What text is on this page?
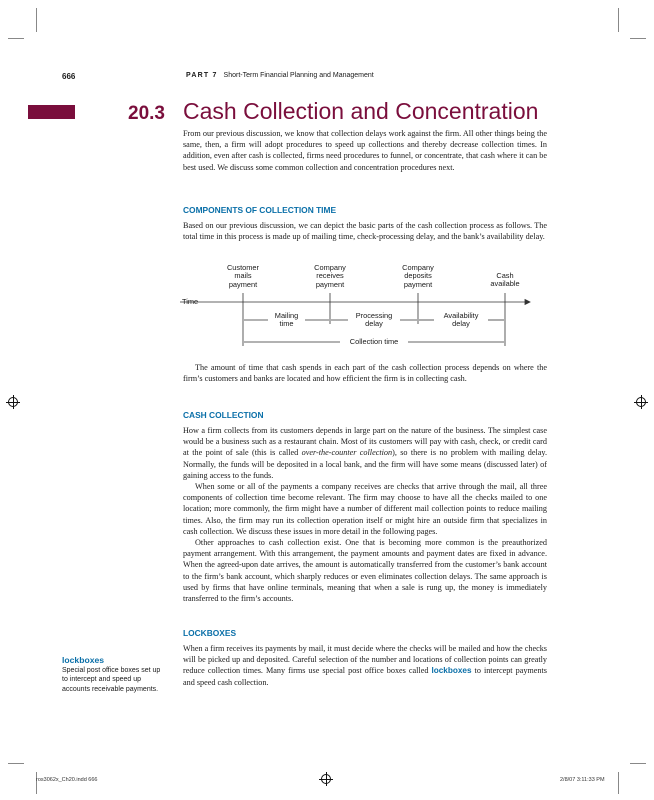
666	PART 7 Short-Term Financial Planning and Management
20.3 Cash Collection and Concentration

From our previous discussion, we know that collection delays work against the firm. All other things being the same, then, a firm will adopt procedures to speed up collections and thereby decrease collection times. In addition, even after cash is collected, firms need procedures to funnel, or concentrate, that cash where it can be best used. We discuss some common collection and concentration procedures next.

COMPONENTS OF COLLECTION TIME

Based on our previous discussion, we can depict the basic parts of the cash collection process as follows. The total time in this process is made up of mailing time, check-processing delay, and the bank’s availability delay.

Customer
mails
payment
Company
receives
payment
Company
deposits
payment
Cash
available
Time
Mailing
time
Processing
delay
Availability
delay
Collection time

The amount of time that cash spends in each part of the cash collection process depends on where the firm’s customers and banks are located and how efficient the firm is in collecting cash.

CASH COLLECTION

How a firm collects from its customers depends in large part on the nature of the business. The simplest case would be a business such as a restaurant chain. Most of its customers will pay with cash, check, or credit card at the point of sale (this is called over-the-counter collection), so there is no problem with mailing delay. Normally, the funds will be deposited in a local bank, and the firm will have some means (discussed later) of gaining access to the funds.

When some or all of the payments a company receives are checks that arrive through the mail, all three components of collection time become relevant. The firm may choose to have all the checks mailed to one location; more commonly, the firm might have a number of different mail collection points to reduce mailing times. Also, the firm may run its collection operation itself or might hire an outside firm that specializes in cash collection. We discuss these issues in more detail in the following pages.

Other approaches to cash collection exist. One that is becoming more common is the preauthorized payment arrangement. With this arrangement, the payment amounts and payment dates are fixed in advance. When the agreed-upon date arrives, the amount is automatically transferred from the customer’s bank account to the firm’s bank account, which sharply reduces or even eliminates collection delays. The same approach is used by firms that have online terminals, meaning that when a sale is rung up, the money is immediately transferred to the firm’s accounts.

LOCKBOXES

When a firm receives its payments by mail, it must decide where the checks will be mailed and how the checks will be picked up and deposited. Careful selection of the number and locations of collection points can greatly reduce collection times. Many firms use special post office boxes called lockboxes to intercept payments and speed cash collection.

lockboxes
Special post office boxes set up to intercept and speed up accounts receivable payments.
ros3062x_Ch20.indd 666	2/8/07 3:11:33 PM
